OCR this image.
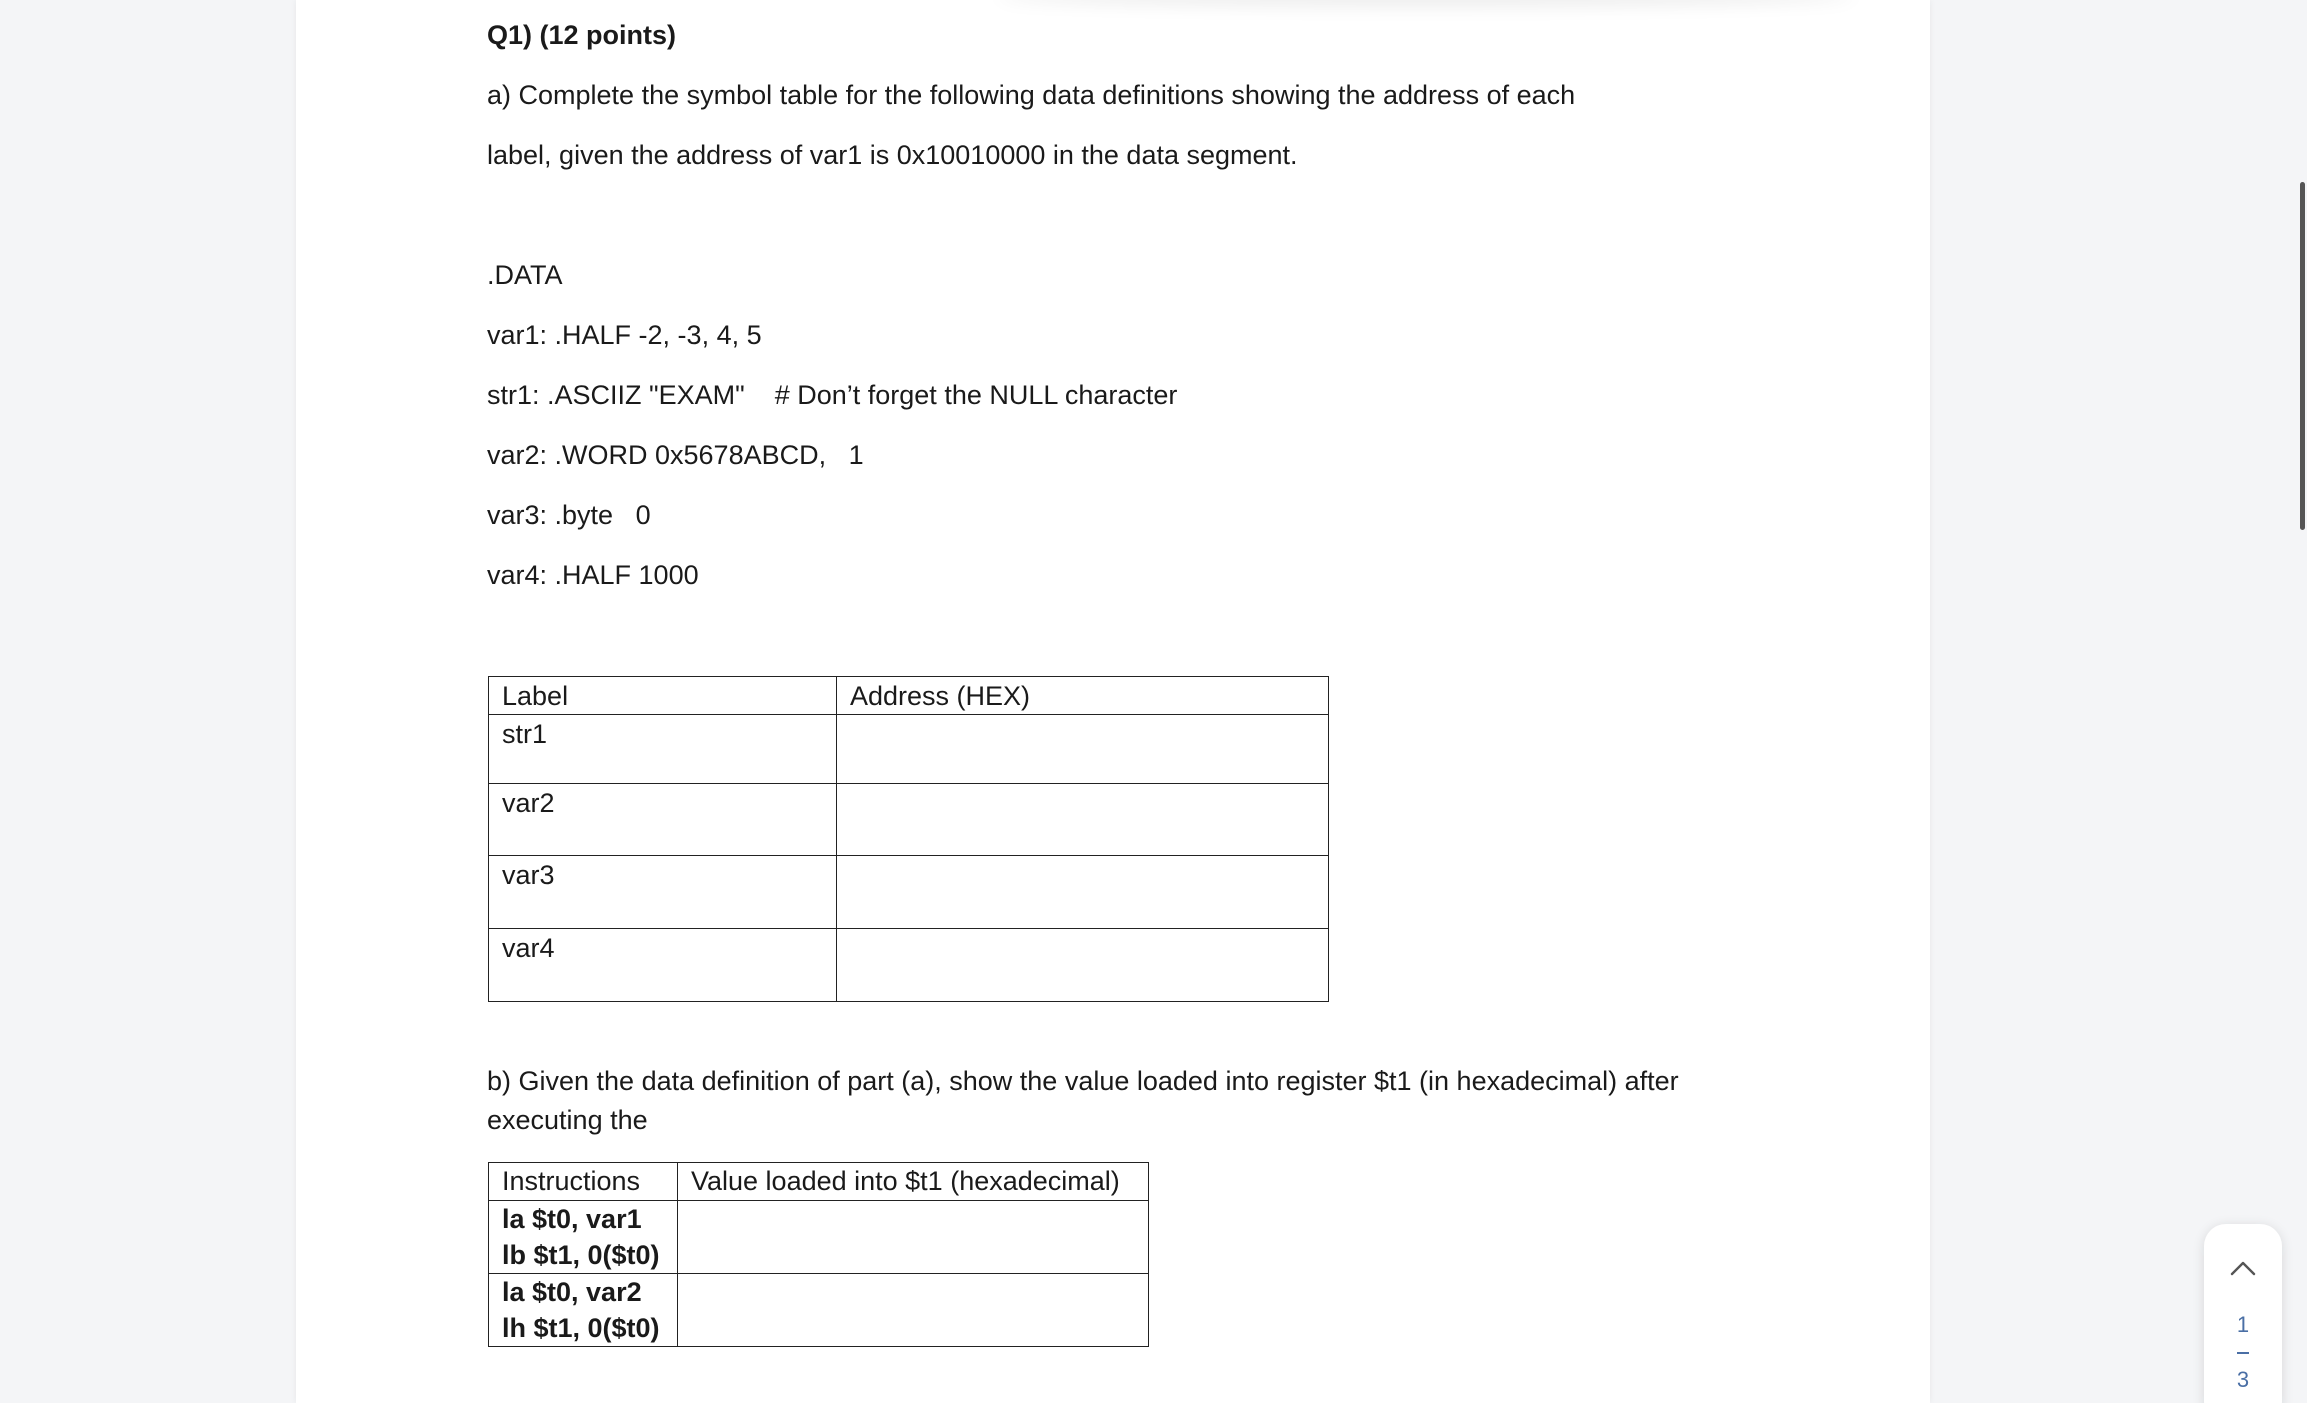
Q1) (12 points)
a) Complete the symbol table for the following data definitions showing the address of each
label, given the address of var1 is 0x10010000 in the data segment.
.DATA
var1: .HALF -2, -3, 4, 5
str1: .ASCIIZ "EXAM"    # Don’t forget the NULL character
var2: .WORD 0x5678ABCD,   1
var3: .byte   0
var4: .HALF 1000
Label	Address (HEX)
str1	
var2	
var3	
var4	
b) Given the data definition of part (a), show the value loaded into register $t1 (in hexadecimal) after
executing the
Instructions	Value loaded into $t1 (hexadecimal)

la $t0, var1
lb $t1, 0($t0)	

la $t0, var2
lh $t1, 0($t0)	
		1
3
